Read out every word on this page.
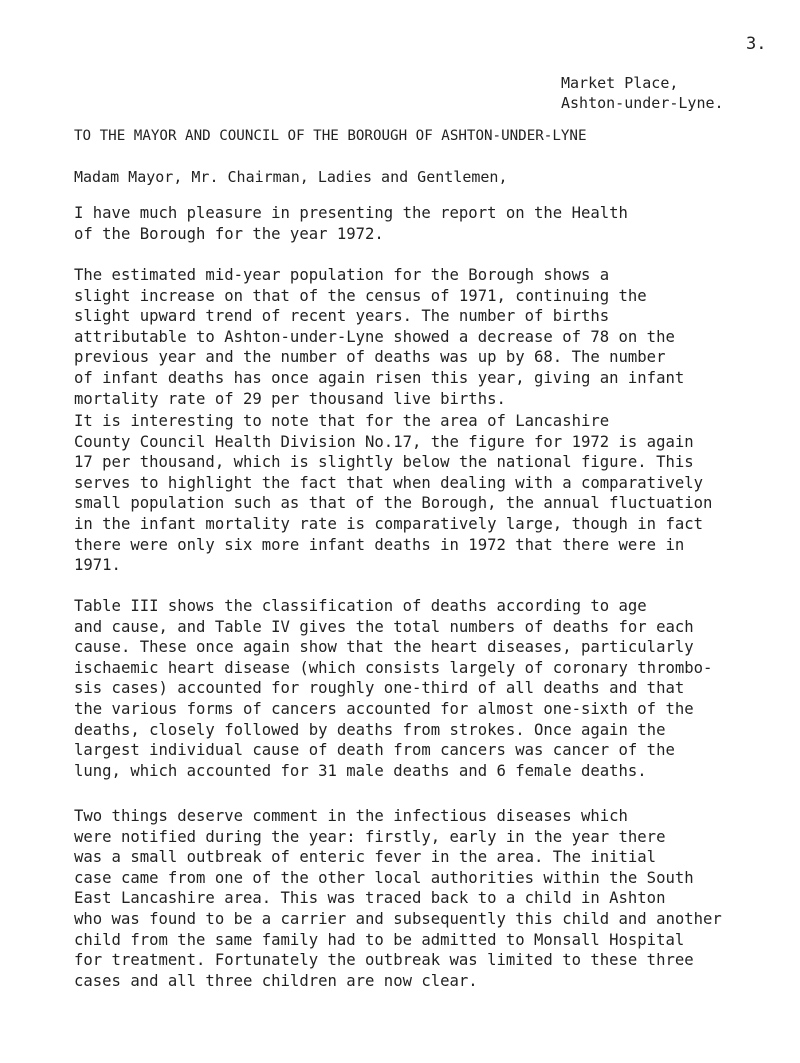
3.
Market Place,
Ashton-under-Lyne.
TO THE MAYOR AND COUNCIL OF THE BOROUGH OF ASHTON-UNDER-LYNE
Madam Mayor, Mr. Chairman, Ladies and Gentlemen,
I have much pleasure in presenting the report on the Health
of the Borough for the year 1972.
The estimated mid-year population for the Borough shows a
slight increase on that of the census of 1971, continuing the
slight upward trend of recent years. The number of births
attributable to Ashton-under-Lyne showed a decrease of 78 on the
previous year and the number of deaths was up by 68. The number
of infant deaths has once again risen this year, giving an infant
mortality rate of 29 per thousand live births.
It is interesting to note that for the area of Lancashire
County Council Health Division No.17, the figure for 1972 is again
17 per thousand, which is slightly below the national figure. This
serves to highlight the fact that when dealing with a comparatively
small population such as that of the Borough, the annual fluctuation
in the infant mortality rate is comparatively large, though in fact
there were only six more infant deaths in 1972 that there were in
1971.
Table III shows the classification of deaths according to age
and cause, and Table IV gives the total numbers of deaths for each
cause. These once again show that the heart diseases, particularly
ischaemic heart disease (which consists largely of coronary thrombo-
sis cases) accounted for roughly one-third of all deaths and that
the various forms of cancers accounted for almost one-sixth of the
deaths, closely followed by deaths from strokes. Once again the
largest individual cause of death from cancers was cancer of the
lung, which accounted for 31 male deaths and 6 female deaths.
Two things deserve comment in the infectious diseases which
were notified during the year: firstly, early in the year there
was a small outbreak of enteric fever in the area. The initial
case came from one of the other local authorities within the South
East Lancashire area. This was traced back to a child in Ashton
who was found to be a carrier and subsequently this child and another
child from the same family had to be admitted to Monsall Hospital
for treatment. Fortunately the outbreak was limited to these three
cases and all three children are now clear.
